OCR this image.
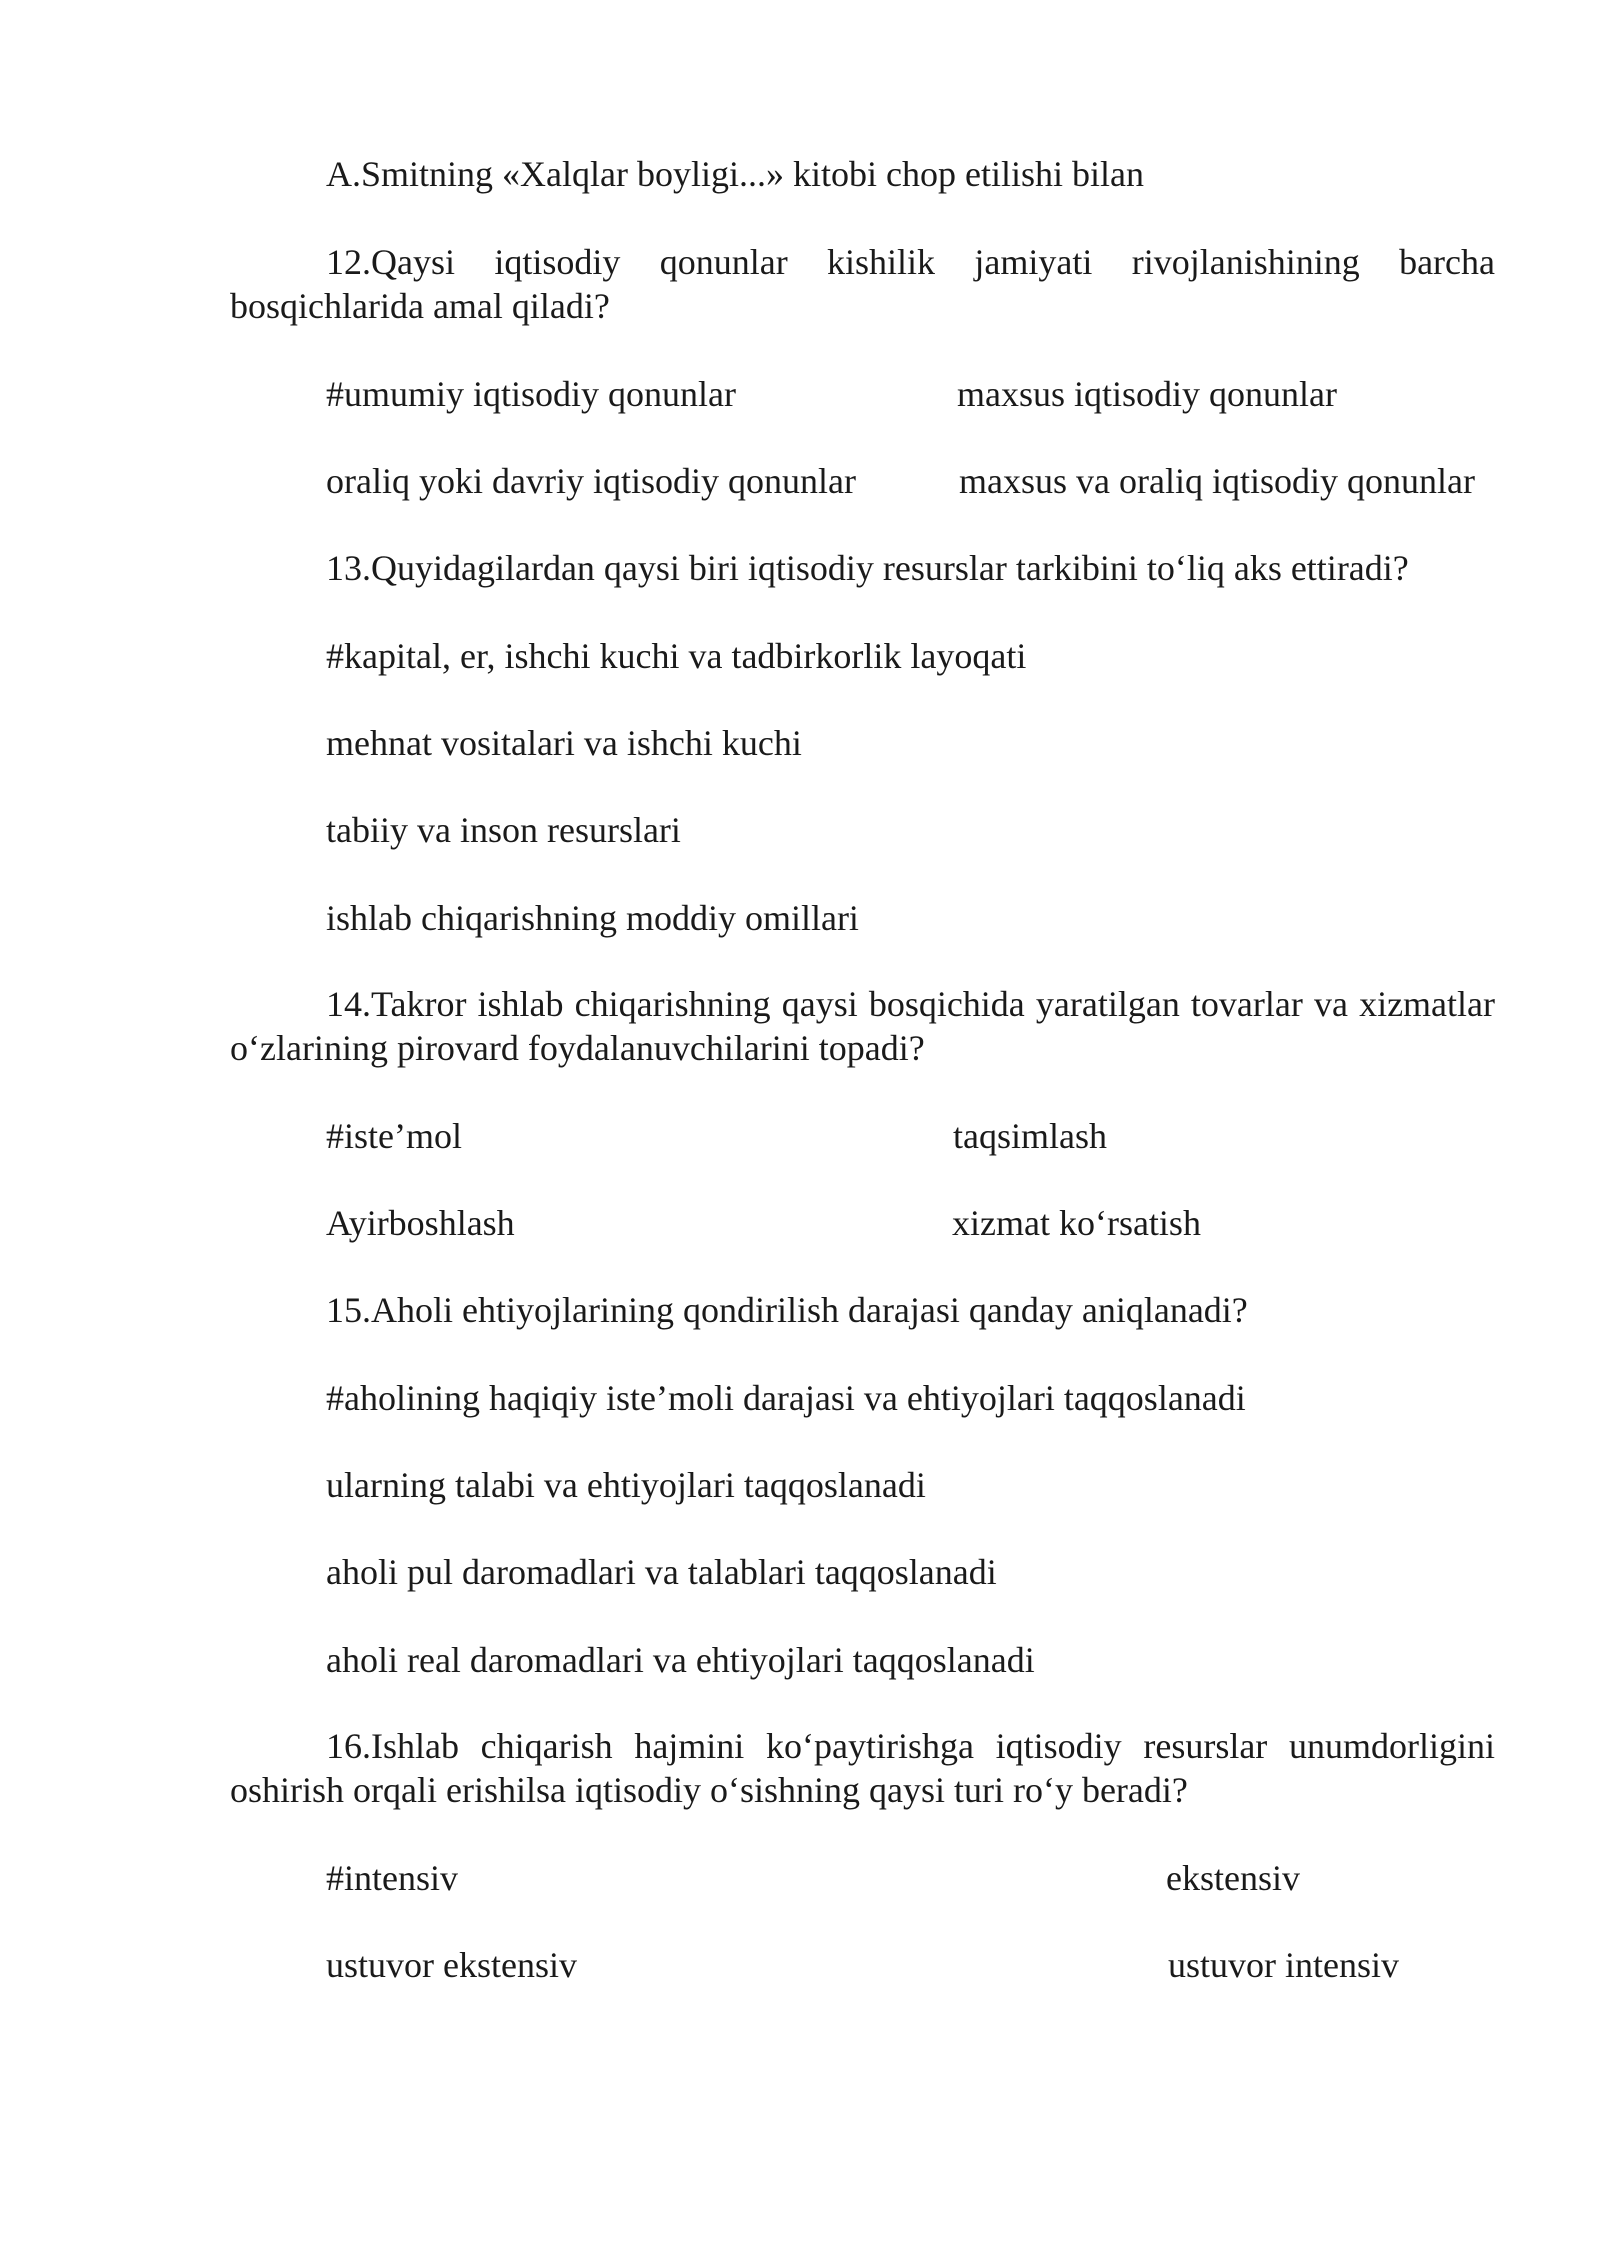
A.Smitning «Xalqlar boyligi...» kitobi chop etilishi bilan
12.Qaysi iqtisodiy qonunlar kishilik jamiyati rivojlanishining barcha bosqichlarida amal qiladi?
#umumiy iqtisodiy qonunlar	maxsus iqtisodiy qonunlar
oraliq yoki davriy iqtisodiy qonunlar	maxsus va oraliq iqtisodiy qonunlar
13.Quyidagilardan qaysi biri iqtisodiy resurslar tarkibini to‘liq aks ettiradi?
#kapital, er, ishchi kuchi va tadbirkorlik layoqati
mehnat vositalari va ishchi kuchi
tabiiy va inson resurslari
ishlab chiqarishning moddiy omillari
14.Takror ishlab chiqarishning qaysi bosqichida yaratilgan tovarlar va xizmatlar o‘zlarining pirovard foydalanuvchilarini topadi?
#iste’mol	taqsimlash
Ayirboshlash	xizmat ko‘rsatish
15.Aholi ehtiyojlarining qondirilish darajasi qanday aniqlanadi?
#aholining haqiqiy iste’moli darajasi va ehtiyojlari taqqoslanadi
ularning talabi va ehtiyojlari taqqoslanadi
aholi pul daromadlari va talablari taqqoslanadi
aholi real daromadlari va ehtiyojlari taqqoslanadi
16.Ishlab chiqarish hajmini ko‘paytirishga iqtisodiy resurslar unumdorligini oshirish orqali erishilsa iqtisodiy o‘sishning qaysi turi ro‘y beradi?
#intensiv	ekstensiv
ustuvor ekstensiv	ustuvor intensiv
